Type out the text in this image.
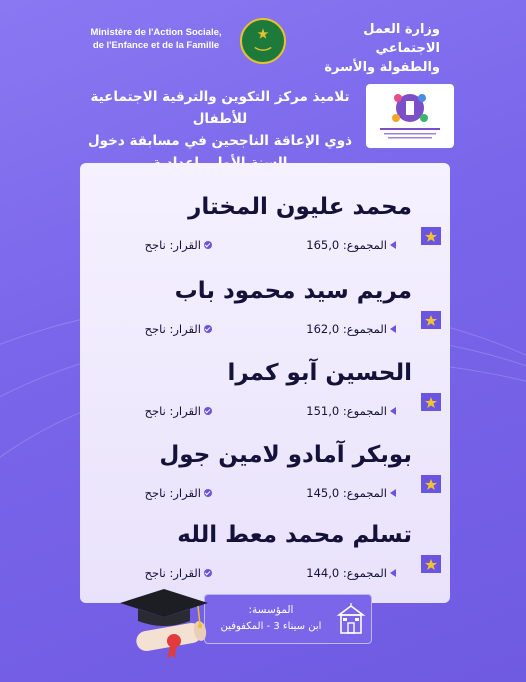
Ministère de l'Action Sociale,
de l'Enfance et de la Famille
وزارة العمل الاجتماعي
والطفولة والأسرة
تلاميذ مركز التكوين والترقية الاجتماعية للأطفال
ذوي الإعاقة الناجحين في مسابقة دخول
محمد عليون المختار
المجموع:

165,0
القرار:

ناجح
مريم سيد محمود باب
المجموع:

162,0
القرار:

ناجح
الحسين آبو كمرا
المجموع:

151,0
القرار:

ناجح
بوبكر آمادو لامين جول
المجموع:

145,0
القرار:

ناجح
تسلم محمد معط الله
المجموع:

144,0
القرار:

ناجح
المؤسسة:
ابن سيناء 3 - المكفوفين
